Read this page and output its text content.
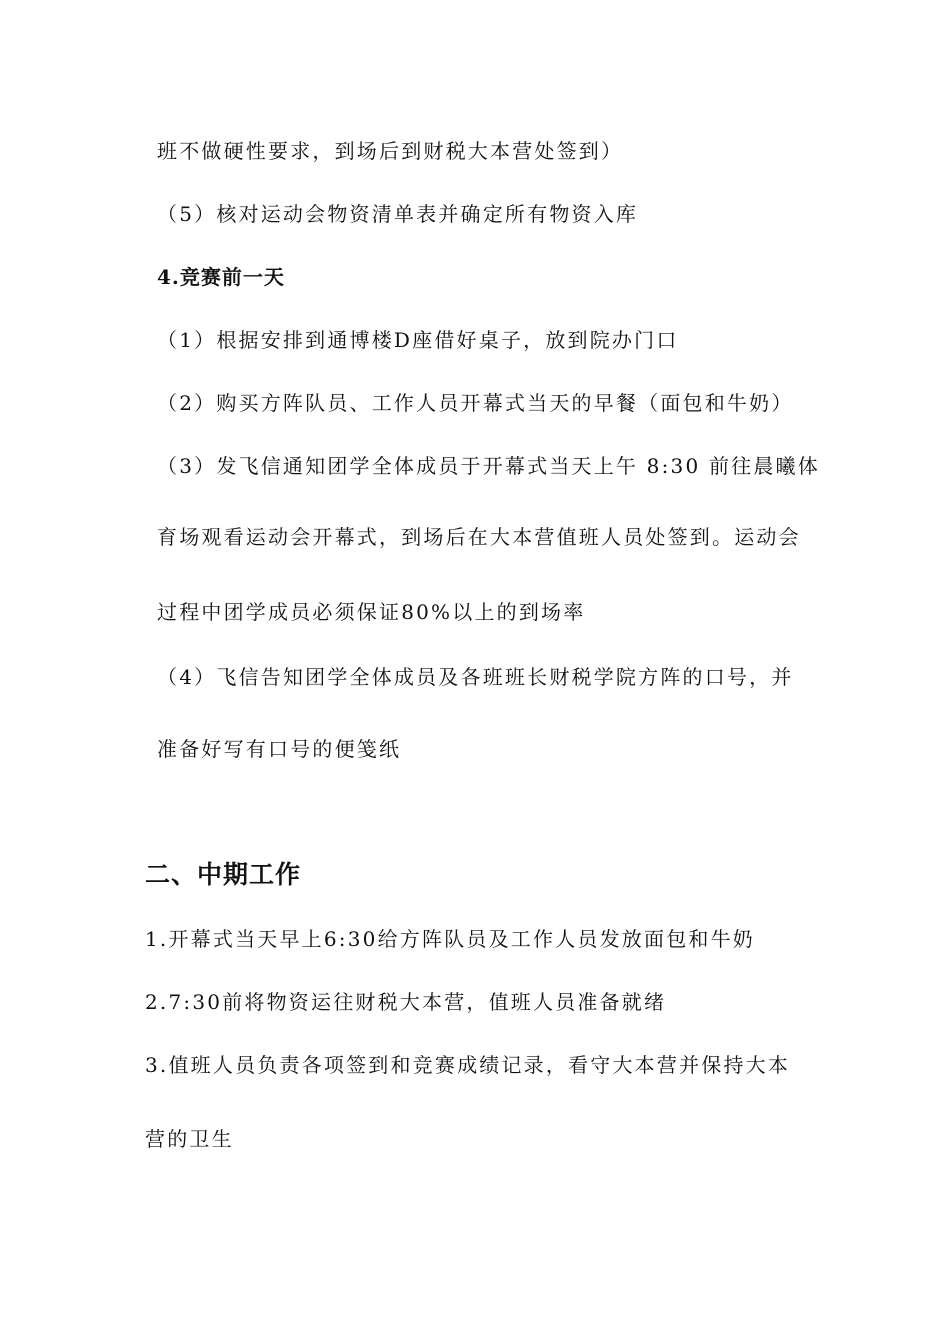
班不做硬性要求，到场后到财税大本营处签到）
（5）核对运动会物资清单表并确定所有物资入库
4.竞赛前一天
（1）根据安排到通博楼D座借好桌子，放到院办门口
（2）购买方阵队员、工作人员开幕式当天的早餐（面包和牛奶）
（3）发飞信通知团学全体成员于开幕式当天上午 8:30 前往晨曦体
育场观看运动会开幕式，到场后在大本营值班人员处签到。运动会
过程中团学成员必须保证80%以上的到场率
（4）飞信告知团学全体成员及各班班长财税学院方阵的口号，并
准备好写有口号的便笺纸
二、中期工作
1.开幕式当天早上6:30给方阵队员及工作人员发放面包和牛奶
2.7:30前将物资运往财税大本营，值班人员准备就绪
3.值班人员负责各项签到和竞赛成绩记录，看守大本营并保持大本
营的卫生
